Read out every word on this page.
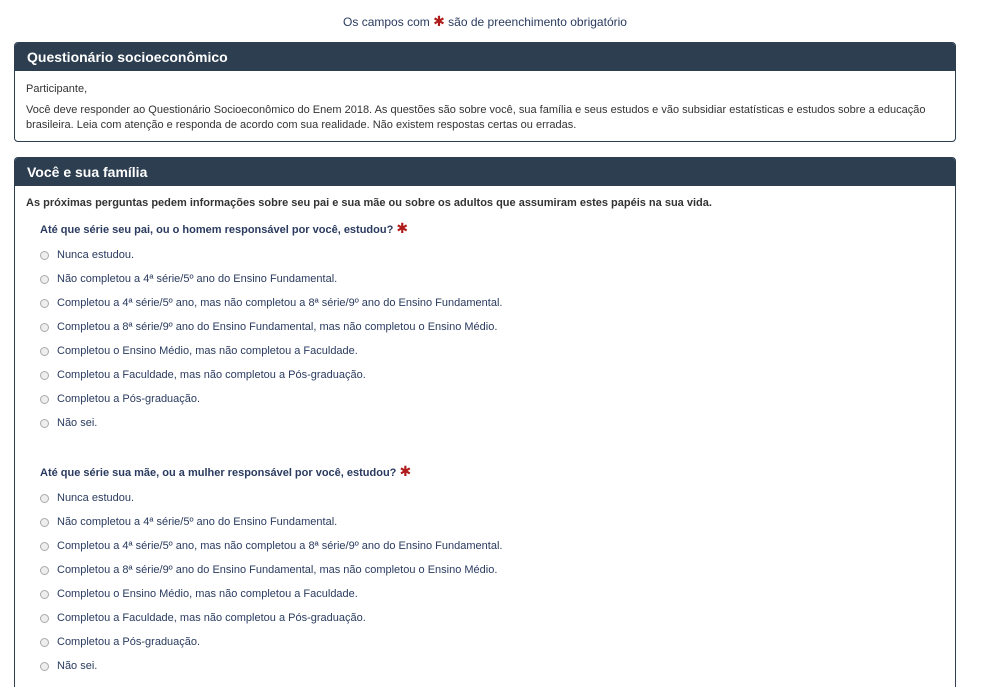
Os campos com ✱ são de preenchimento obrigatório
Questionário socioeconômico
Participante,
Você deve responder ao Questionário Socioeconômico do Enem 2018. As questões são sobre você, sua família e seus estudos e vão subsidiar estatísticas e estudos sobre a educação brasileira. Leia com atenção e responda de acordo com sua realidade. Não existem respostas certas ou erradas.
Você e sua família
As próximas perguntas pedem informações sobre seu pai e sua mãe ou sobre os adultos que assumiram estes papéis na sua vida.
Até que série seu pai, ou o homem responsável por você, estudou? ✱
Nunca estudou.
Não completou a 4ª série/5º ano do Ensino Fundamental.
Completou a 4ª série/5º ano, mas não completou a 8ª série/9º ano do Ensino Fundamental.
Completou a 8ª série/9º ano do Ensino Fundamental, mas não completou o Ensino Médio.
Completou o Ensino Médio, mas não completou a Faculdade.
Completou a Faculdade, mas não completou a Pós-graduação.
Completou a Pós-graduação.
Não sei.
Até que série sua mãe, ou a mulher responsável por você, estudou? ✱
Nunca estudou.
Não completou a 4ª série/5º ano do Ensino Fundamental.
Completou a 4ª série/5º ano, mas não completou a 8ª série/9º ano do Ensino Fundamental.
Completou a 8ª série/9º ano do Ensino Fundamental, mas não completou o Ensino Médio.
Completou o Ensino Médio, mas não completou a Faculdade.
Completou a Faculdade, mas não completou a Pós-graduação.
Completou a Pós-graduação.
Não sei.
